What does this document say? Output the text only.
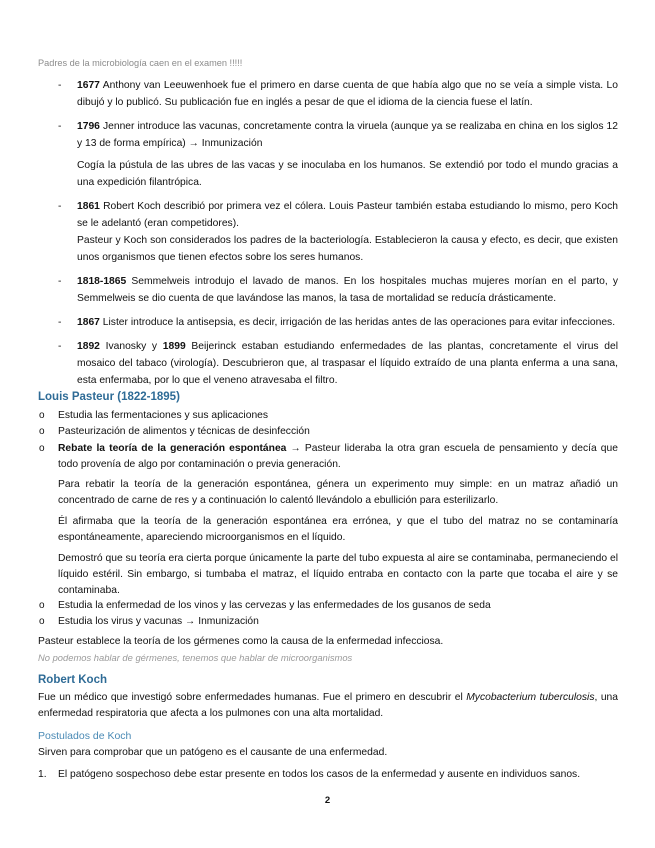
Padres de la microbiología caen en el examen !!!!!
- 1677 Anthony van Leeuwenhoek fue el primero en darse cuenta de que había algo que no se veía a simple vista. Lo dibujó y lo publicó. Su publicación fue en inglés a pesar de que el idioma de la ciencia fuese el latín.

- 1796 Jenner introduce las vacunas, concretamente contra la viruela (aunque ya se realizaba en china en los siglos 12 y 13 de forma empírica) → Inmunización

Cogía la pústula de las ubres de las vacas y se inoculaba en los humanos. Se extendió por todo el mundo gracias a una expedición filantrópica.

- 1861 Robert Koch describió por primera vez el cólera. Louis Pasteur también estaba estudiando lo mismo, pero Koch se le adelantó (eran competidores).

Pasteur y Koch son considerados los padres de la bacteriología. Establecieron la causa y efecto, es decir, que existen unos organismos que tienen efectos sobre los seres humanos.

- 1818-1865 Semmelweis introdujo el lavado de manos. En los hospitales muchas mujeres morían en el parto, y Semmelweis se dio cuenta de que lavándose las manos, la tasa de mortalidad se reducía drásticamente.

- 1867 Lister introduce la antisepsia, es decir, irrigación de las heridas antes de las operaciones para evitar infecciones.

- 1892 Ivanosky y 1899 Beijerinck estaban estudiando enfermedades de las plantas, concretamente el virus del mosaico del tabaco (virología). Descubrieron que, al traspasar el líquido extraído de una planta enferma a una sana, esta enfermaba, por lo que el veneno atravesaba el filtro.

Louis Pasteur (1822-1895)
o Estudia las fermentaciones y sus aplicaciones
o Pasteurización de alimentos y técnicas de desinfección
o Rebate la teoría de la generación espontánea → Pasteur lideraba la otra gran escuela de pensamiento y decía que todo provenía de algo por contaminación o previa generación.

Para rebatir la teoría de la generación espontánea, génera un experimento muy simple: en un matraz añadió un concentrado de carne de res y a continuación lo calentó llevándolo a ebullición para esterilizarlo.

Él afirmaba que la teoría de la generación espontánea era errónea, y que el tubo del matraz no se contaminaría espontáneamente, apareciendo microorganismos en el líquido.

Demostró que su teoría era cierta porque únicamente la parte del tubo expuesta al aire se contaminaba, permaneciendo el líquido estéril. Sin embargo, si tumbaba el matraz, el líquido entraba en contacto con la parte que tocaba el aire y se contaminaba.

o Estudia la enfermedad de los vinos y las cervezas y las enfermedades de los gusanos de seda
o Estudia los virus y vacunas → Inmunización
Pasteur establece la teoría de los gérmenes como la causa de la enfermedad infecciosa.
No podemos hablar de gérmenes, tenemos que hablar de microorganismos
Robert Koch
Fue un médico que investigó sobre enfermedades humanas. Fue el primero en descubrir el Mycobacterium tuberculosis, una enfermedad respiratoria que afecta a los pulmones con una alta mortalidad.
Postulados de Koch
Sirven para comprobar que un patógeno es el causante de una enfermedad.
1. El patógeno sospechoso debe estar presente en todos los casos de la enfermedad y ausente en individuos sanos.
2
